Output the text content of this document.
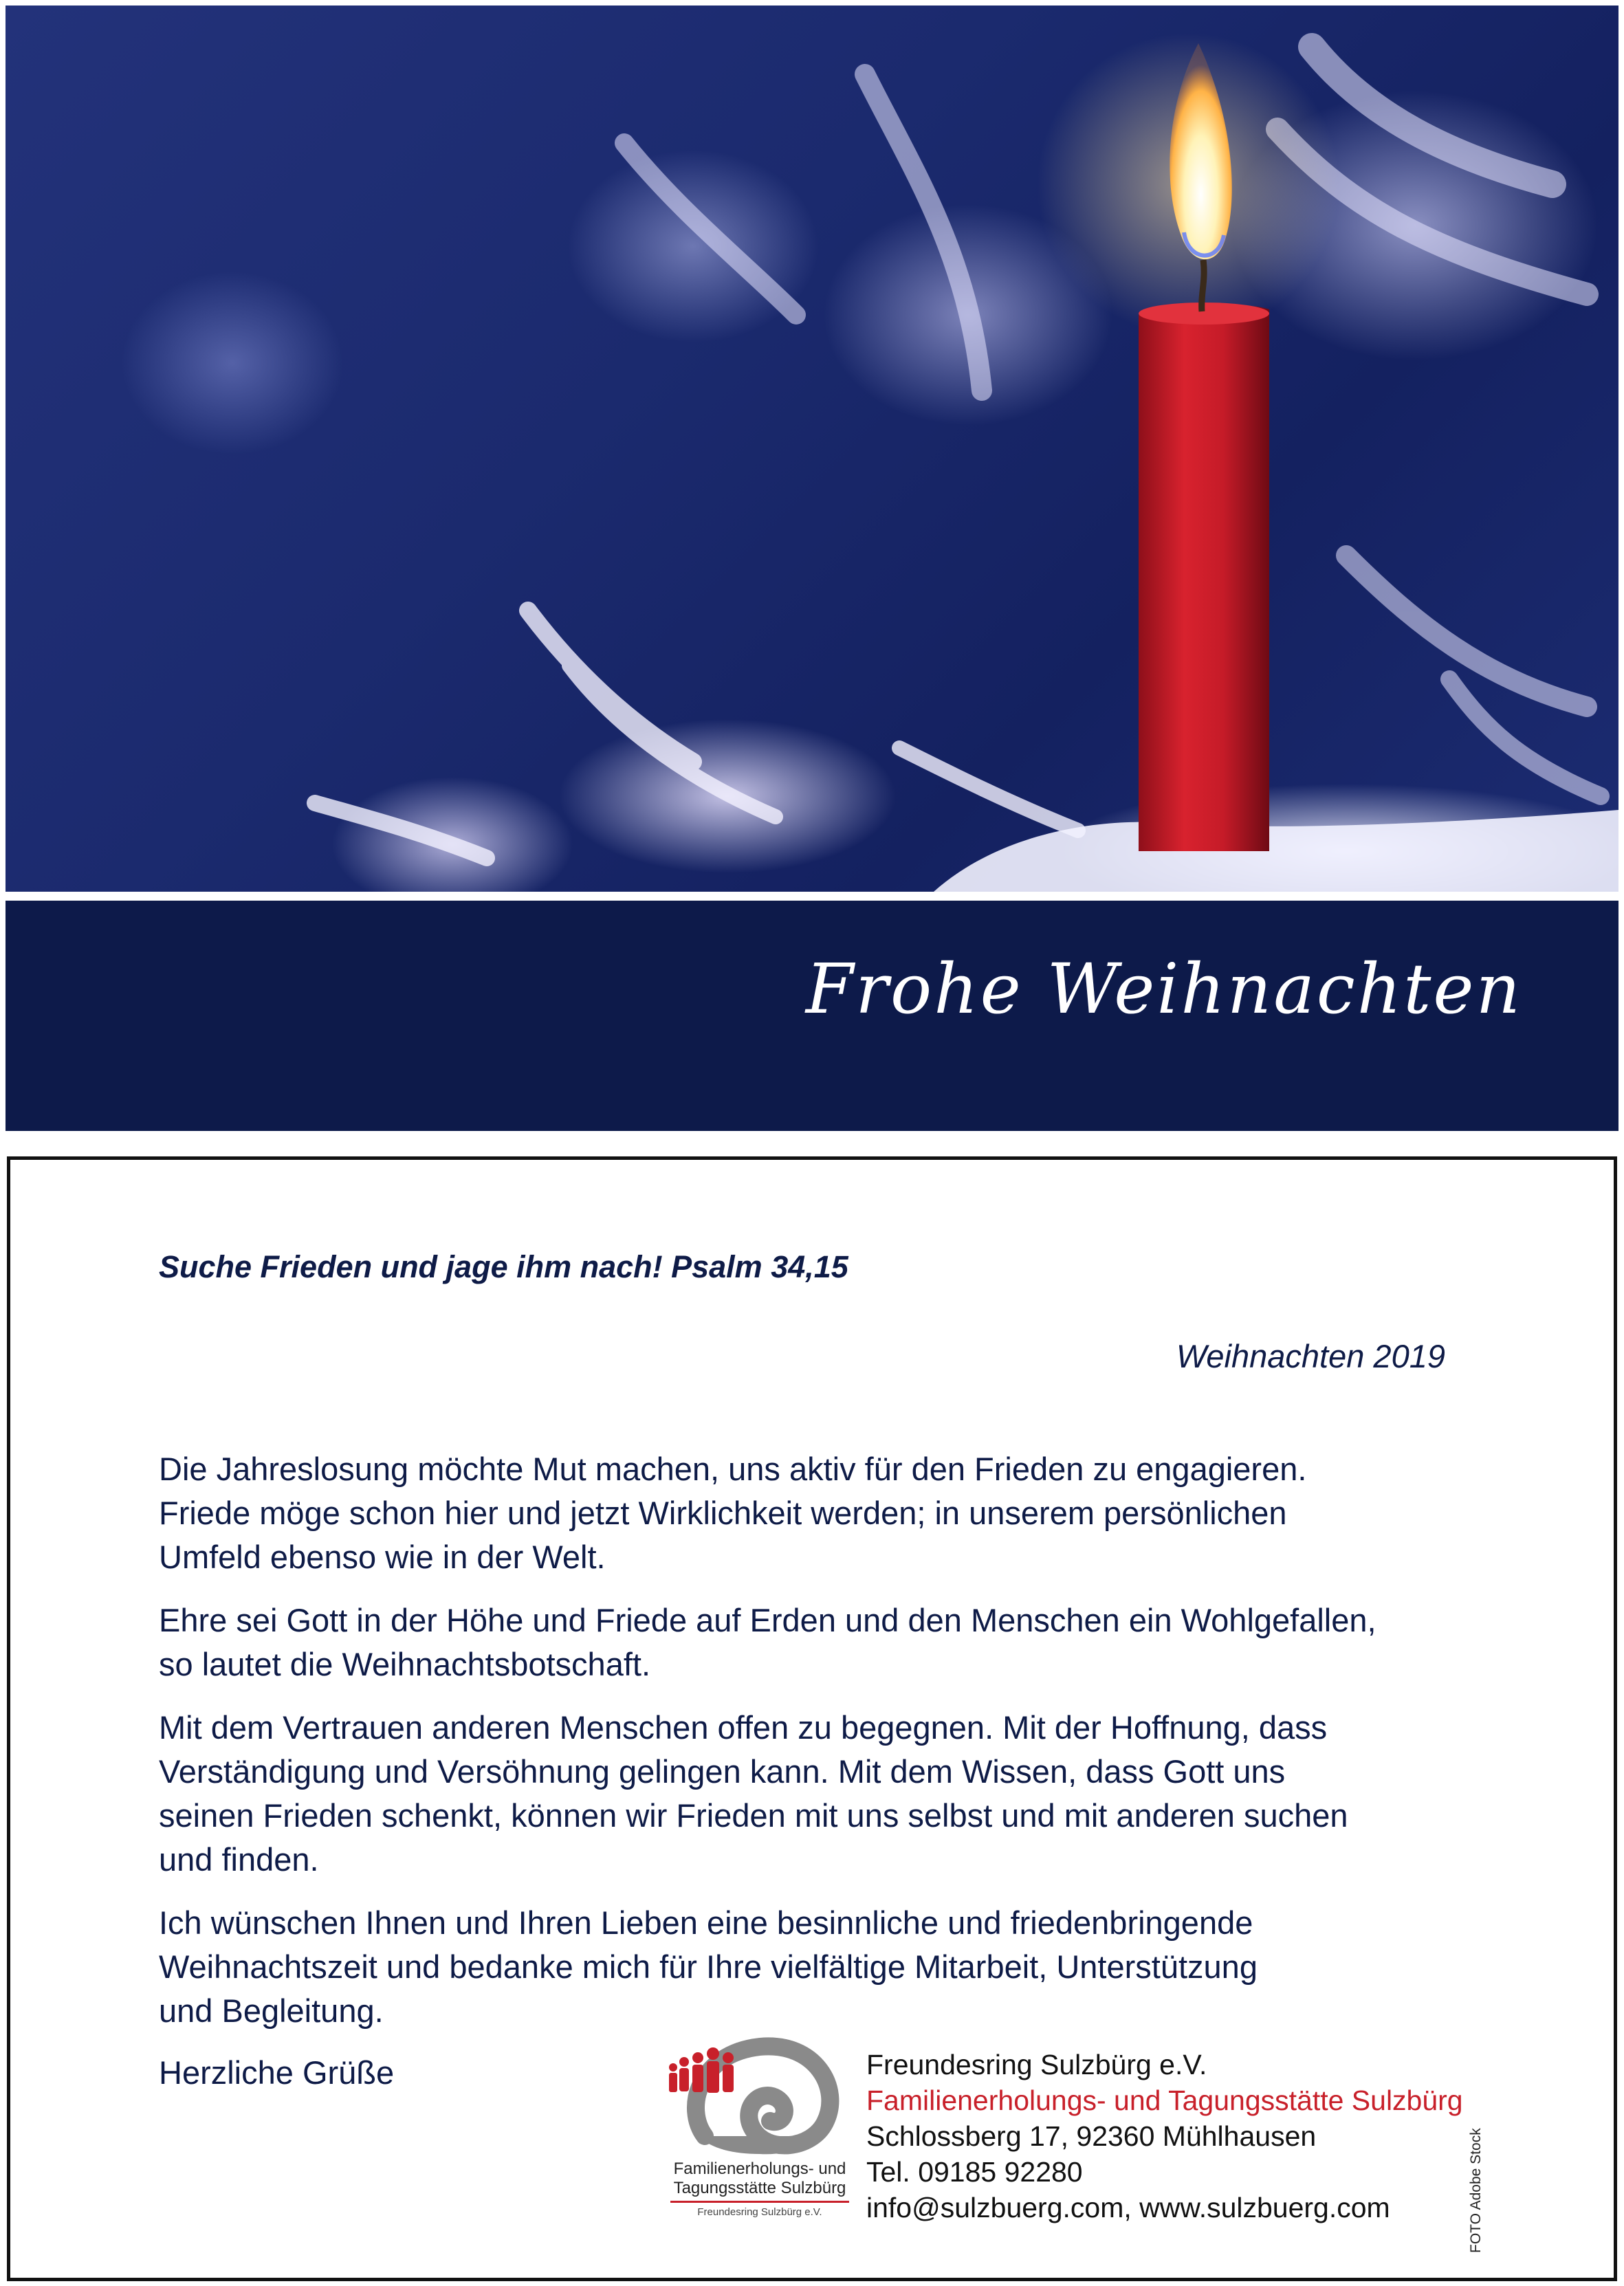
Frohe Weihnachten
Suche Frieden und jage ihm nach! Psalm 34,15
Weihnachten 2019

Die Jahreslosung möchte Mut machen, uns aktiv für den Frieden zu engagieren.
Friede möge schon hier und jetzt Wirklichkeit werden; in unserem persönlichen
Umfeld ebenso wie in der Welt.

Ehre sei Gott in der Höhe und Friede auf Erden und den Menschen ein Wohlgefallen,
so lautet die Weihnachtsbotschaft.

Mit dem Vertrauen anderen Menschen offen zu begegnen. Mit der Hoffnung, dass
Verständigung und Versöhnung gelingen kann. Mit dem Wissen, dass Gott uns
seinen Frieden schenkt, können wir Frieden mit uns selbst und mit anderen suchen
und finden.

Ich wünschen Ihnen und Ihren Lieben eine besinnliche und friedenbringende
Weihnachtszeit und bedanke mich für Ihre vielfältige Mitarbeit, Unterstützung
und Begleitung.

Herzliche Grüße
Familienerholungs- und
Tagungsstätte Sulzbürg
Freundesring Sulzbürg e.V.
Freundesring Sulzbürg e.V.
Familienerholungs- und Tagungsstätte Sulzbürg
Schlossberg 17, 92360 Mühlhausen
Tel. 09185 92280
info@sulzbuerg.com, www.sulzbuerg.com	FOTO Adobe Stock
